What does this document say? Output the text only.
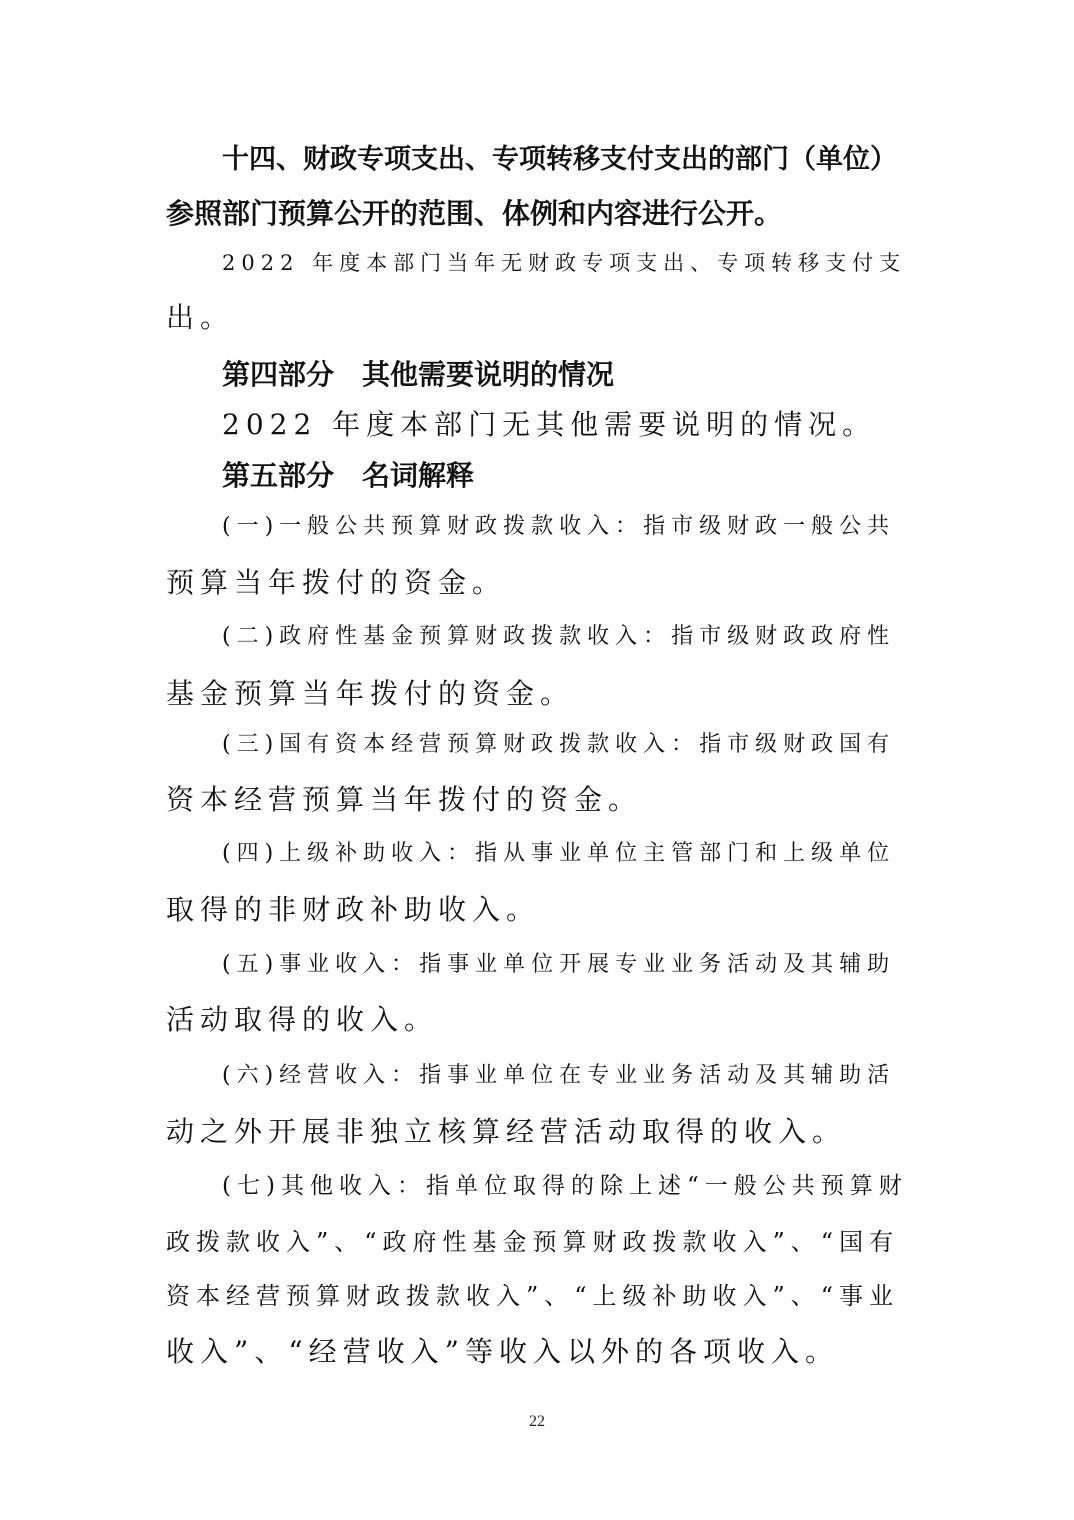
十四、财政专项支出、专项转移支付支出的部门（单位）
参照部门预算公开的范围、体例和内容进行公开。
2022 年度本部门当年无财政专项支出、专项转移支付支
出。
第四部分　其他需要说明的情况
2022 年度本部门无其他需要说明的情况。
第五部分　名词解释
(一)一般公共预算财政拨款收入：指市级财政一般公共
预算当年拨付的资金。
(二)政府性基金预算财政拨款收入：指市级财政政府性
基金预算当年拨付的资金。
(三)国有资本经营预算财政拨款收入：指市级财政国有
资本经营预算当年拨付的资金。
(四)上级补助收入：指从事业单位主管部门和上级单位
取得的非财政补助收入。
(五)事业收入：指事业单位开展专业业务活动及其辅助
活动取得的收入。
(六)经营收入：指事业单位在专业业务活动及其辅助活
动之外开展非独立核算经营活动取得的收入。
(七)其他收入：指单位取得的除上述“一般公共预算财
政拨款收入”、“政府性基金预算财政拨款收入”、“国有
资本经营预算财政拨款收入”、“上级补助收入”、“事业
收入”、“经营收入”等收入以外的各项收入。
22
